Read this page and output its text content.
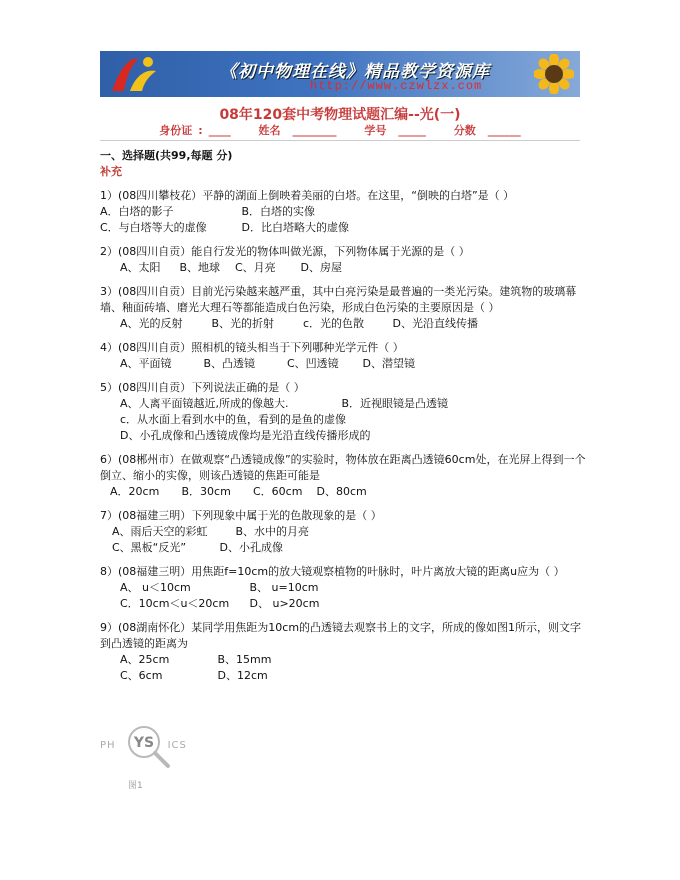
《初中物理在线》精品教学资源库
http://www.czwlzx.com
08年120套中考物理试题汇编--光(一)
身份证 : ____	姓名 ________	学号 _____	分数 ______
一、选择题(共99,每题 分)
补充
1）(08四川攀枝花）平静的湖面上倒映着美丽的白塔。在这里，“倒映的白塔”是（ ）
A．白塔的影子	B．白塔的实像
C．与白塔等大的虚像	D．比白塔略大的虚像
2）(08四川自贡）能自行发光的物体叫做光源，下列物体属于光源的是（ ）
A、太阳 B、地球 C、月亮 D、房屋
3）(08四川自贡）目前光污染越来越严重，其中白亮污染是最普遍的一类光污染。建筑物的玻璃幕墙、釉面砖墙、磨光大理石等都能造成白色污染，形成白色污染的主要原因是（ ）
A、光的反射	B、光的折射	c．光的色散	D、光沿直线传播
4）(08四川自贡）照相机的镜头相当于下列哪种光学元件（ ）
A、平面镜	B、凸透镜	C、凹透镜 D、潜望镜
5）(08四川自贡）下列说法正确的是（ ）
A、人离平面镜越近,所成的像越大.	B．近视眼镜是凸透镜
c．从水面上看到水中的鱼，看到的是鱼的虚像
D、小孔成像和凸透镜成像均是光沿直线传播形成的
6）(08郴州市）在做观察“凸透镜成像”的实验时，物体放在距离凸透镜60cm处，在光屏上得到一个倒立、缩小的实像，则该凸透镜的焦距可能是
A．20cm B．30cm C．60cm D、80cm
7）(08福建三明）下列现象中属于光的色散现象的是（ ）
A、雨后天空的彩虹	B、水中的月亮
C、黑板“反光”	D、小孔成像
8）(08福建三明）用焦距f=10cm的放大镜观察植物的叶脉时，叶片离放大镜的距离u应为（ ）
A、 u＜10cm	B、 u=10cm
C．10cm＜u＜20cm D、 u>20cm
9）(08湖南怀化）某同学用焦距为10cm的凸透镜去观察书上的文字，所成的像如图1所示，则文字到凸透镜的距离为
A、25cm	B、15mm
C、6cm	D、12cm
PH	ICS
YS
图1
